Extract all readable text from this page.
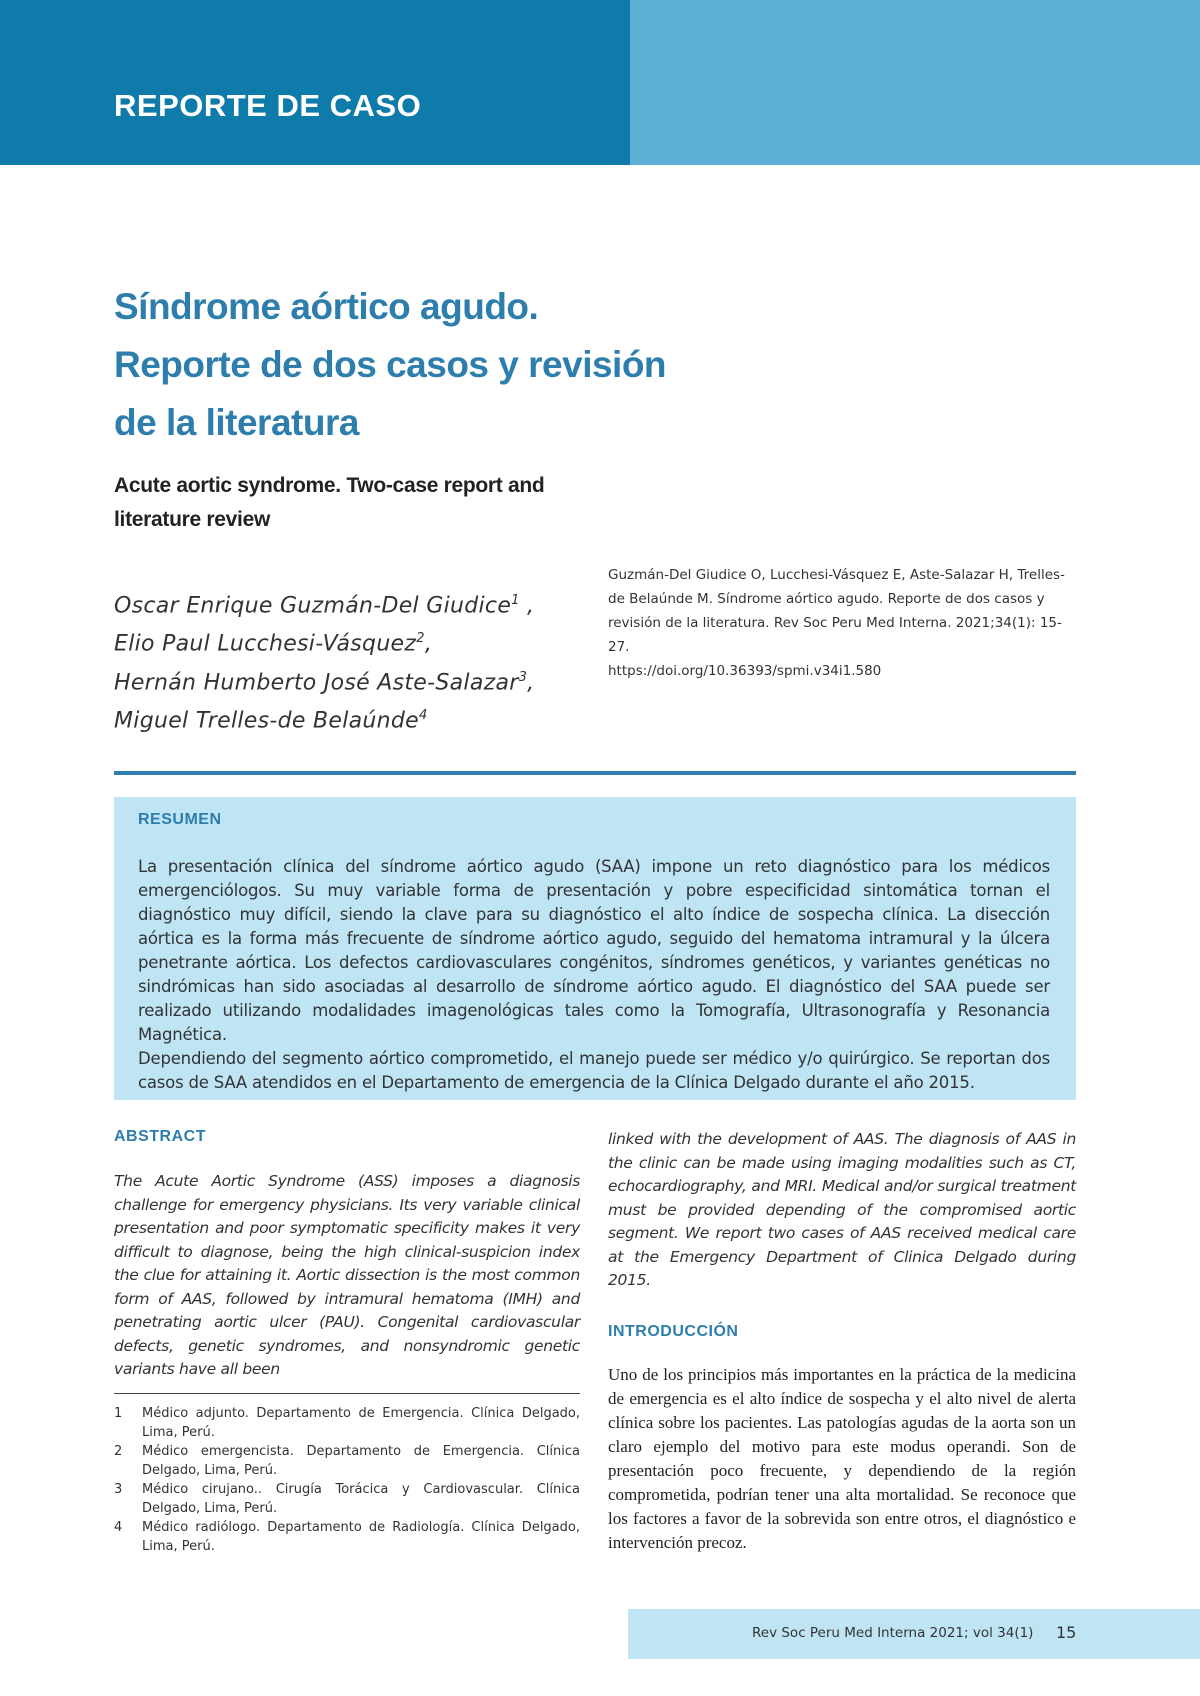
REPORTE DE CASO
Síndrome aórtico agudo.
Reporte de dos casos y revisión
de la literatura
Acute aortic syndrome. Two-case report and
literature review
Oscar Enrique Guzmán-Del Giudice$^1$ ,
Elio Paul Lucchesi-Vásquez$^2$,
Hernán Humberto José Aste-Salazar$^3$,
Miguel Trelles-de Belaúnde$^4$
Guzmán-Del Giudice O, Lucchesi-Vásquez E, Aste-Salazar H, Trelles-de Belaúnde M. Síndrome aórtico agudo. Reporte de dos casos y revisión de la literatura. Rev Soc Peru Med Interna. 2021;34(1): 15-27.
https://doi.org/10.36393/spmi.v34i1.580
RESUMEN

La presentación clínica del síndrome aórtico agudo (SAA) impone un reto diagnóstico para los médicos emergenciólogos. Su muy variable forma de presentación y pobre especificidad sintomática tornan el diagnóstico muy difícil, siendo la clave para su diagnóstico el alto índice de sospecha clínica. La disección aórtica es la forma más frecuente de síndrome aórtico agudo, seguido del hematoma intramural y la úlcera penetrante aórtica. Los defectos cardiovasculares congénitos, síndromes genéticos, y variantes genéticas no sindrómicas han sido asociadas al desarrollo de síndrome aórtico agudo. El diagnóstico del SAA puede ser realizado utilizando modalidades imagenológicas tales como la Tomografía, Ultrasonografía y Resonancia Magnética.

Dependiendo del segmento aórtico comprometido, el manejo puede ser médico y/o quirúrgico. Se reportan dos casos de SAA atendidos en el Departamento de emergencia de la Clínica Delgado durante el año 2015.

ABSTRACT
The Acute Aortic Syndrome (ASS) imposes a diagnosis challenge for emergency physicians. Its very variable clinical presentation and poor symptomatic specificity makes it very difficult to diagnose, being the high clinical-suspicion index the clue for attaining it. Aortic dissection is the most common form of AAS, followed by intramural hematoma (IMH) and penetrating aortic ulcer (PAU). Congenital cardiovascular defects, genetic syndromes, and nonsyndromic genetic variants have all been
linked with the development of AAS. The diagnosis of AAS in the clinic can be made using imaging modalities such as CT, echocardiography, and MRI. Medical and/or surgical treatment must be provided depending of the compromised aortic segment. We report two cases of AAS received medical care at the Emergency Department of Clinica Delgado during 2015.
INTRODUCCIÓN
Uno de los principios más importantes en la práctica de la medicina de emergencia es el alto índice de sospecha y el alto nivel de alerta clínica sobre los pacientes. Las patologías agudas de la aorta son un claro ejemplo del motivo para este modus operandi. Son de presentación poco frecuente, y dependiendo de la región comprometida, podrían tener una alta mortalidad. Se reconoce que los factores a favor de la sobrevida son entre otros, el diagnóstico e intervención precoz.
1	Médico adjunto. Departamento de Emergencia. Clínica Delgado, Lima, Perú.
2	Médico emergencista. Departamento de Emergencia. Clínica Delgado, Lima, Perú.
3	Médico cirujano.. Cirugía Torácica y Cardiovascular. Clínica Delgado, Lima, Perú.
4	Médico radiólogo. Departamento de Radiología. Clínica Delgado, Lima, Perú.
Rev Soc Peru Med Interna 2021; vol 34(1) 15
